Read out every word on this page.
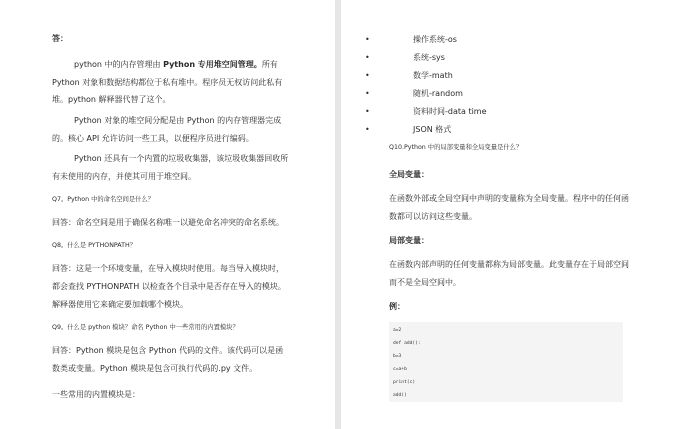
答：

python 中的内存管理由 Python 专用堆空间管理。所有 Python 对象和数据结构都位于私有堆中。程序员无权访问此私有堆。python 解释器代替了这个。

Python 对象的堆空间分配是由 Python 的内存管理器完成的。核心 API 允许访问一些工具，以便程序员进行编码。

Python 还具有一个内置的垃圾收集器，该垃圾收集器回收所有未使用的内存，并使其可用于堆空间。

Q7。Python 中的命名空间是什么？

回答：命名空间是用于确保名称唯一以避免命名冲突的命名系统。

Q8。什么是 PYTHONPATH？

回答：这是一个环境变量，在导入模块时使用。每当导入模块时，都会查找 PYTHONPATH 以检查各个目录中是否存在导入的模块。解释器使用它来确定要加载哪个模块。

Q9。什么是 python 模块？命名 Python 中一些常用的内置模块？

回答：Python 模块是包含 Python 代码的文件。该代码可以是函数类或变量。Python 模块是包含可执行代码的.py 文件。

一些常用的内置模块是：

• 操作系统-os
• 系统-sys
• 数学-math
• 随机-random
• 资料时间-data time
• JSON 格式

Q10.Python 中的局部变量和全局变量是什么？

全局变量：

在函数外部或全局空间中声明的变量称为全局变量。程序中的任何函数都可以访问这些变量。

局部变量：

在函数内部声明的任何变量都称为局部变量。此变量存在于局部空间而不是全局空间中。

例：

a=2
def add():
b=3
c=a+b
print(c)
add()
